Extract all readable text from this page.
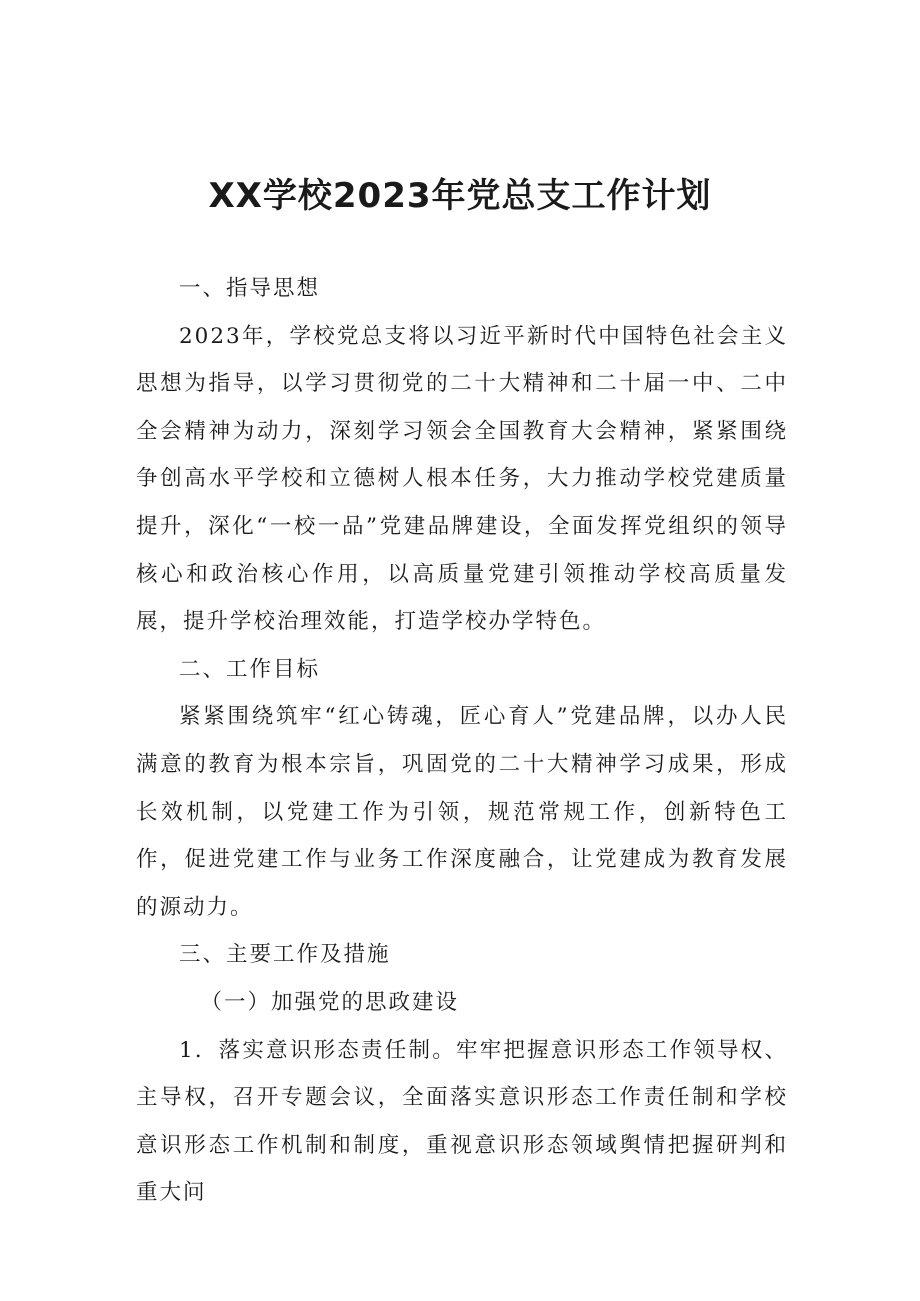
XX学校2023年党总支工作计划

一、指导思想

2023年，学校党总支将以习近平新时代中国特色社会主义思想为指导，以学习贯彻党的二十大精神和二十届一中、二中全会精神为动力，深刻学习领会全国教育大会精神，紧紧围绕争创高水平学校和立德树人根本任务，大力推动学校党建质量提升，深化“一校一品”党建品牌建设，全面发挥党组织的领导核心和政治核心作用，以高质量党建引领推动学校高质量发展，提升学校治理效能，打造学校办学特色。

二、工作目标

紧紧围绕筑牢“红心铸魂，匠心育人”党建品牌，以办人民满意的教育为根本宗旨，巩固党的二十大精神学习成果，形成长效机制，以党建工作为引领，规范常规工作，创新特色工作，促进党建工作与业务工作深度融合，让党建成为教育发展的源动力。

三、主要工作及措施

（一）加强党的思政建设

1．落实意识形态责任制。牢牢把握意识形态工作领导权、主导权，召开专题会议，全面落实意识形态工作责任制和学校意识形态工作机制和制度，重视意识形态领域舆情把握研判和重大问
